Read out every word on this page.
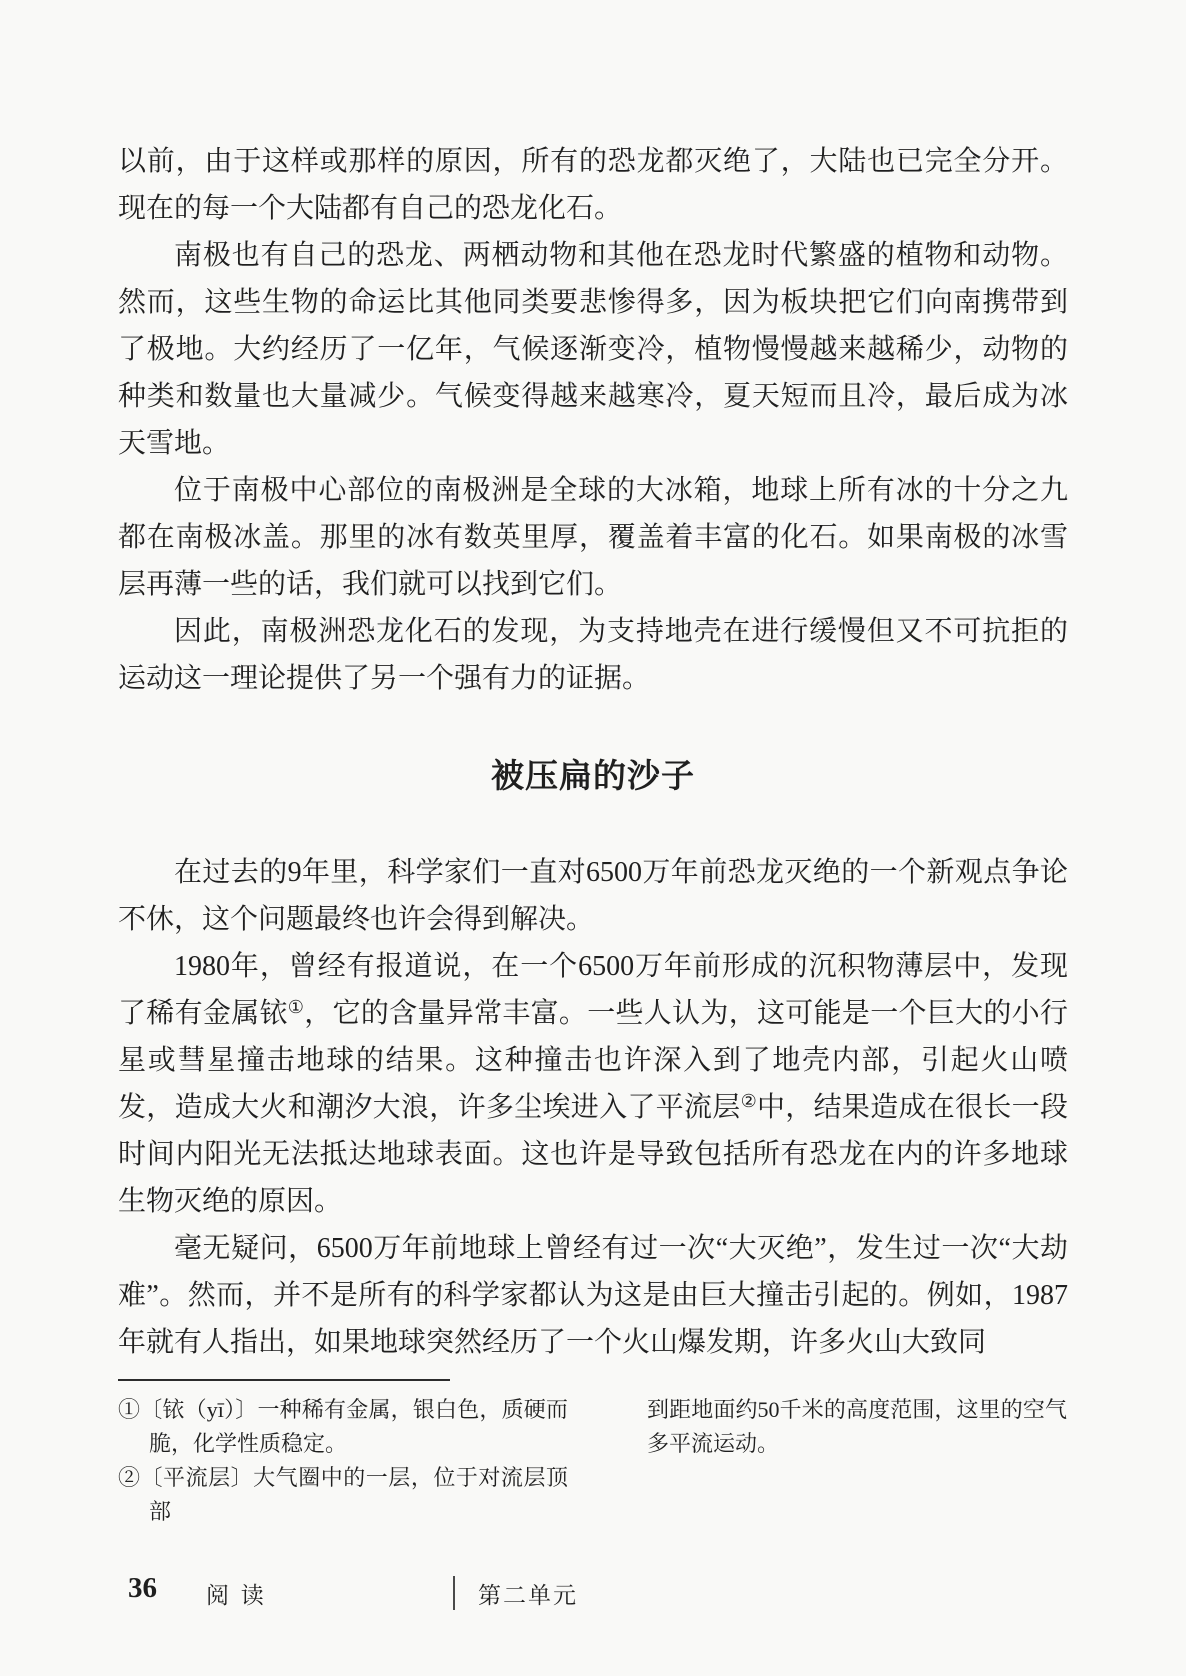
以前，由于这样或那样的原因，所有的恐龙都灭绝了，大陆也已完全分开。现在的每一个大陆都有自己的恐龙化石。

南极也有自己的恐龙、两栖动物和其他在恐龙时代繁盛的植物和动物。然而，这些生物的命运比其他同类要悲惨得多，因为板块把它们向南携带到了极地。大约经历了一亿年，气候逐渐变冷，植物慢慢越来越稀少，动物的种类和数量也大量减少。气候变得越来越寒冷，夏天短而且冷，最后成为冰天雪地。

位于南极中心部位的南极洲是全球的大冰箱，地球上所有冰的十分之九都在南极冰盖。那里的冰有数英里厚，覆盖着丰富的化石。如果南极的冰雪层再薄一些的话，我们就可以找到它们。

因此，南极洲恐龙化石的发现，为支持地壳在进行缓慢但又不可抗拒的运动这一理论提供了另一个强有力的证据。

被压扁的沙子

在过去的9年里，科学家们一直对6500万年前恐龙灭绝的一个新观点争论不休，这个问题最终也许会得到解决。

1980年，曾经有报道说，在一个6500万年前形成的沉积物薄层中，发现了稀有金属铱①，它的含量异常丰富。一些人认为，这可能是一个巨大的小行星或彗星撞击地球的结果。这种撞击也许深入到了地壳内部，引起火山喷发，造成大火和潮汐大浪，许多尘埃进入了平流层②中，结果造成在很长一段时间内阳光无法抵达地球表面。这也许是导致包括所有恐龙在内的许多地球生物灭绝的原因。

毫无疑问，6500万年前地球上曾经有过一次“大灭绝”，发生过一次“大劫难”。然而，并不是所有的科学家都认为这是由巨大撞击引起的。例如，1987年就有人指出，如果地球突然经历了一个火山爆发期，许多火山大致同

①〔铱（yī）〕一种稀有金属，银白色，质硬而脆，化学性质稳定。

②〔平流层〕大气圈中的一层，位于对流层顶部

到距地面约50千米的高度范围，这里的空气多平流运动。

36 阅 读	第二单元
